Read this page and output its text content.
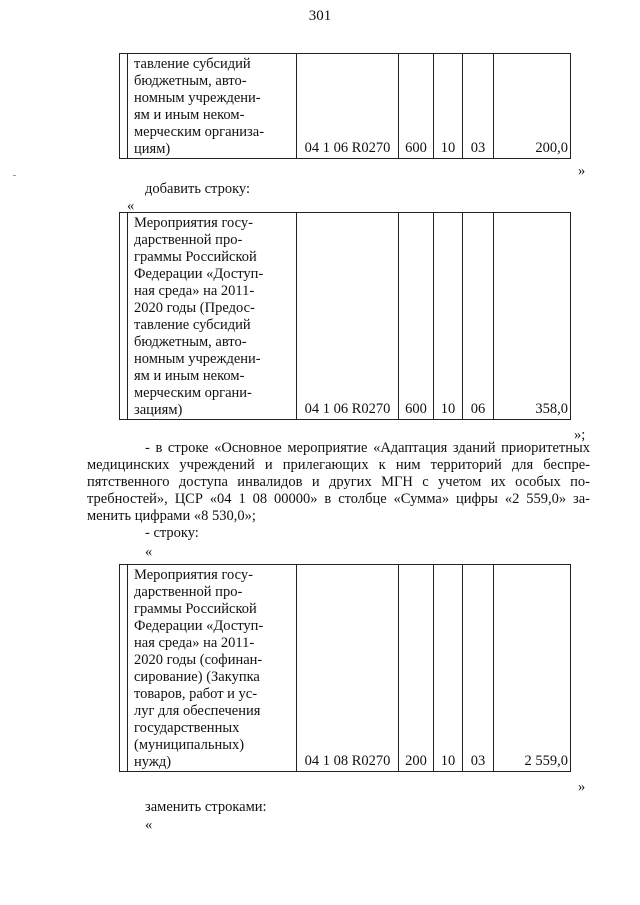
301

тавление субсидий
бюджетным, авто-
номным учреждени-
ям и иным неком-
мерческим организа-
циям)	04 1 06 R0270	600	10	03	200,0
»
добавить строку:
«

Мероприятия госу-
дарственной про-
граммы Российской
Федерации «Доступ-
ная среда» на 2011-
2020 годы (Предос-
тавление субсидий
бюджетным, авто-
номным учреждени-
ям и иным неком-
мерческим органи-
зациям)	04 1 06 R0270	600	10	06	358,0
»;
- в строке «Основное мероприятие «Адаптация зданий приоритетных
медицинских учреждений и прилегающих к ним территорий для беспре-
пятственного доступа инвалидов и других МГН с учетом их особых по-
требностей», ЦСР «04 1 08 00000» в столбце «Сумма» цифры «2 559,0» за-
менить цифрами «8 530,0»;
- строку:
«

Мероприятия госу-
дарственной про-
граммы Российской
Федерации «Доступ-
ная среда» на 2011-
2020 годы (софинан-
сирование) (Закупка
товаров, работ и ус-
луг для обеспечения
государственных
(муниципальных)
нужд)	04 1 08 R0270	200	10	03	2 559,0
»
заменить строками:
«
